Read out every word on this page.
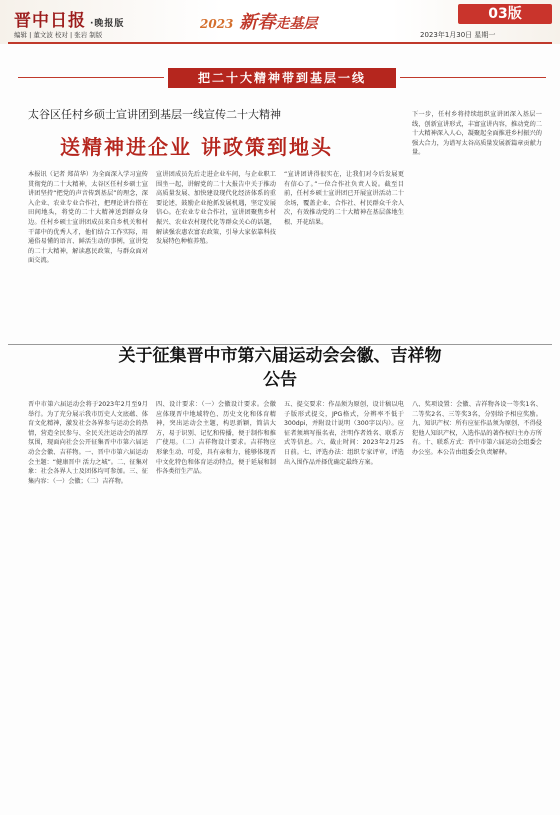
晋中日报 ·晚报版
编辑 | 董文波 校对 | 张岩 制版
2023 新春走基层
03版
2023年1月30日 星期一
把二十大精神带到基层一线
太谷区任村乡硕士宣讲团到基层一线宣传二十大精神
送精神进企业 讲政策到地头

本报讯（记者 郑苗华）为全面深入学习宣传贯彻党的二十大精神，太谷区任村乡硕士宣讲团坚持“把党的声音传到基层”的理念，深入企业、农业专业合作社，把理论讲台搭在田间地头，将党的二十大精神送到群众身边。任村乡硕士宣讲团成员来自乡机关和村干部中的优秀人才，他们结合工作实际，用通俗易懂的语言、鲜活生动的事例，宣讲党的二十大精神，解读惠民政策，与群众面对面交流。

宣讲团成员先后走进企业车间，与企业职工围坐一起，讲解党的二十大报告中关于推动高质量发展、加快建设现代化经济体系的重要论述，鼓励企业抢抓发展机遇，坚定发展信心。在农业专业合作社，宣讲团聚焦乡村振兴、农业农村现代化等群众关心的话题，解读强农惠农富农政策，引导大家依靠科技发展特色种植养殖。

“宣讲团讲得很实在，让我们对今后发展更有信心了。”一位合作社负责人说。截至目前，任村乡硕士宣讲团已开展宣讲活动二十余场，覆盖企业、合作社、村民群众千余人次，有效推动党的二十大精神在基层落地生根、开花结果。

下一步，任村乡将持续组织宣讲团深入基层一线，创新宣讲形式，丰富宣讲内容，推动党的二十大精神深入人心，凝聚起全面推进乡村振兴的强大合力，为谱写太谷高质量发展新篇章贡献力量。

关于征集晋中市第六届运动会会徽、吉祥物
公告

晋中市第六届运动会将于2023年2月至9月举行。为了充分展示我市历史人文底蕴、体育文化精神，激发社会各界参与运动会的热情，营造全民参与、全民关注运动会的浓厚氛围，现面向社会公开征集晋中市第六届运动会会徽、吉祥物。一、晋中市第六届运动会主题：“健康晋中 活力之城”。二、征集对象：社会各界人士及团体均可参加。三、征集内容：（一）会徽；（二）吉祥物。

四、设计要求：（一）会徽设计要求。会徽应体现晋中地域特色、历史文化和体育精神，突出运动会主题，构思新颖，简洁大方，易于识别、记忆和传播，便于制作和推广使用。（二）吉祥物设计要求。吉祥物应形象生动、可爱，具有亲和力，能够体现晋中文化特色和体育运动特点，便于延展和制作各类衍生产品。

五、提交要求：作品须为原创，设计稿以电子版形式提交，JPG格式，分辨率不低于300dpi，并附设计说明（300字以内）。应征者须填写报名表，注明作者姓名、联系方式等信息。六、截止时间：2023年2月25日前。七、评选办法：组织专家评审，评选出入围作品并择优确定最终方案。

八、奖项设置：会徽、吉祥物各设一等奖1名、二等奖2名、三等奖3名，分别给予相应奖励。九、知识产权：所有应征作品须为原创，不得侵犯他人知识产权，入选作品的著作权归主办方所有。十、联系方式：晋中市第六届运动会组委会办公室。本公告由组委会负责解释。
